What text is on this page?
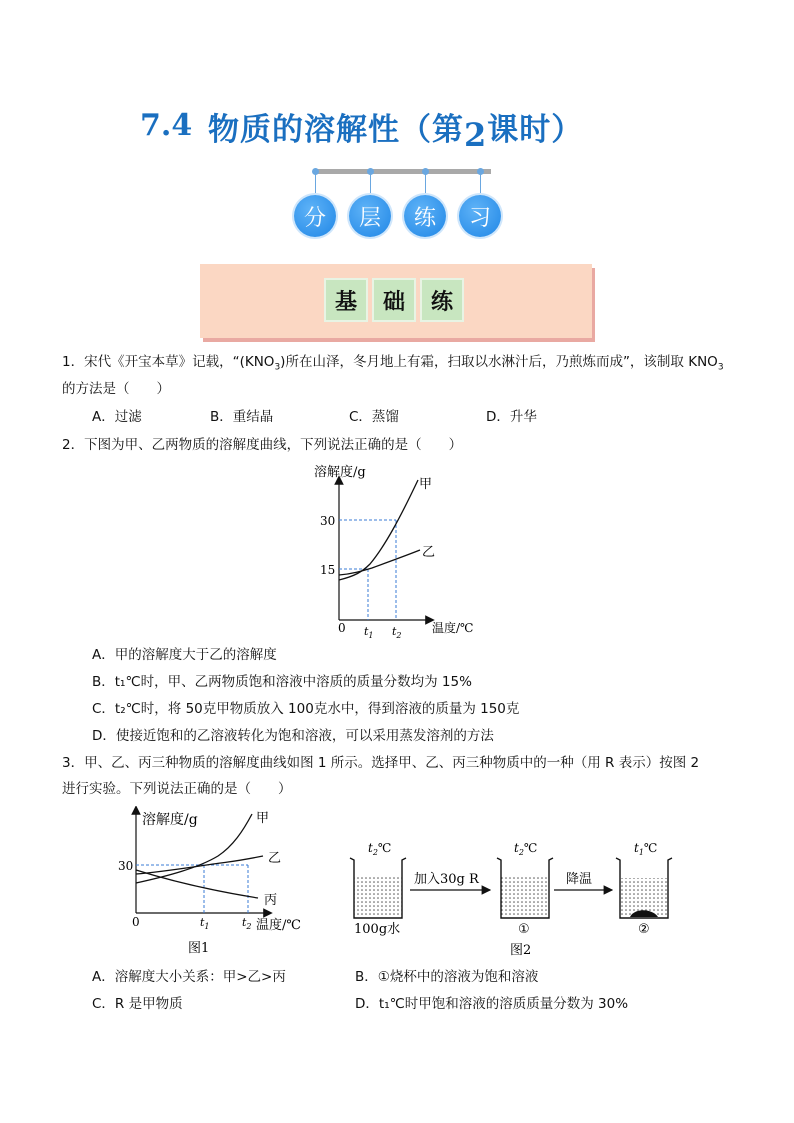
7.4 物质的溶解性（第2课时）
分	层	练	习
基	础	练
1．宋代《开宝本草》记载，“$(KNO_3)$所在山泽，冬月地上有霜，扫取以水淋汁后，乃煎炼而成”，该制取 $KNO_3$
的方法是（　　）
A．过滤	B．重结晶	C．蒸馏	D．升华
2．下图为甲、乙两物质的溶解度曲线，下列说法正确的是（　　）
溶解度/g
温度/℃
0
30
15
甲
乙
$t_1$ $t_2$
A．甲的溶解度大于乙的溶解度
B．t₁℃时，甲、乙两物质饱和溶液中溶质的质量分数均为 15%
C．t₂℃时，将 50克甲物质放入 100克水中，得到溶液的质量为 150克
D．使接近饱和的乙溶液转化为饱和溶液，可以采用蒸发溶剂的方法
3．甲、乙、丙三种物质的溶解度曲线如图 1 所示。选择甲、乙、丙三种物质中的一种（用 R 表示）按图 2
进行实验。下列说法正确的是（　　）
溶解度/g
温度/℃
0
30
甲
乙
丙
$t_1$	$t_2$
图1
$t_2℃$
100g水
加入30g R
$t_2℃$
①
降温
$t_1℃$
②
图2
A．溶解度大小关系：甲>乙>丙	B．①烧杯中的溶液为饱和溶液
C．R 是甲物质	D．t₁℃时甲饱和溶液的溶质质量分数为 30%
